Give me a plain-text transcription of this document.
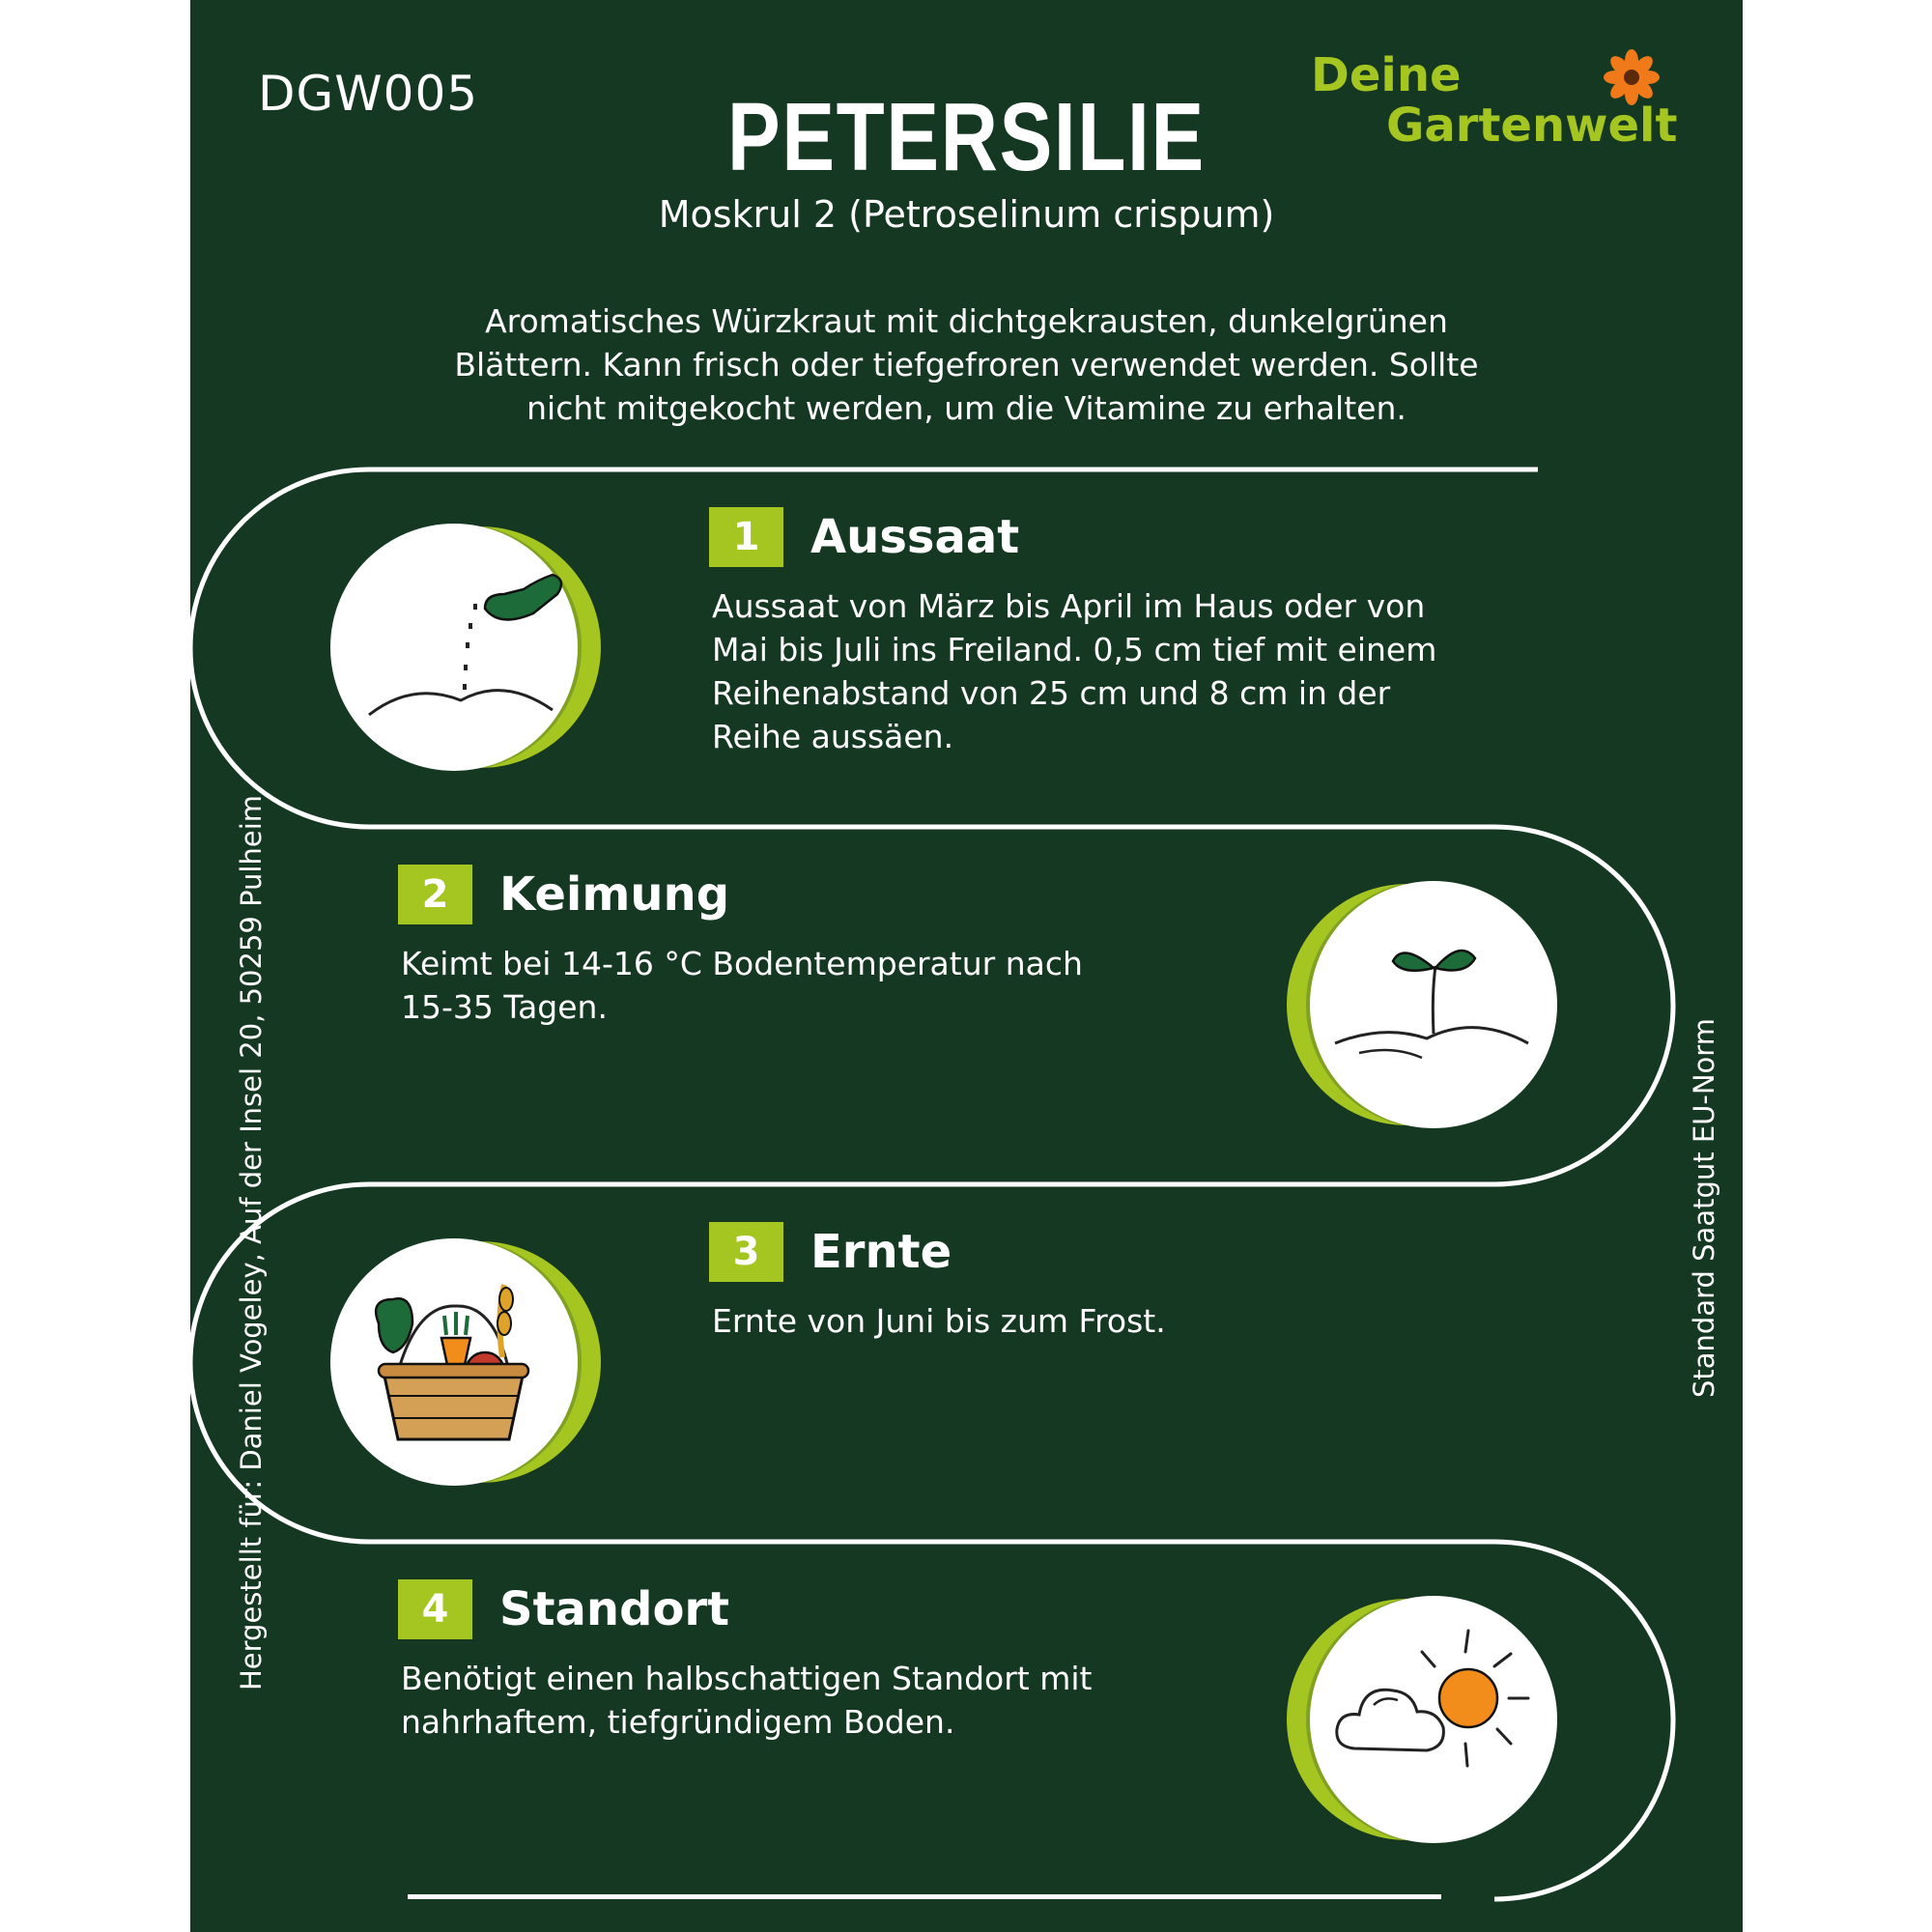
DGW005	PETERSILIE
Moskrul 2 (Petroselinum crispum)
Aromatisches Würzkraut mit dichtgekrausten, dunkelgrünen
Blättern. Kann frisch oder tiefgefroren verwendet werden. Sollte
nicht mitgekocht werden, um die Vitamine zu erhalten.
Deine
Gartenwelt
Hergestellt für: Daniel Vogeley, Auf der Insel 20, 50259 Pulheim	Standard Saatgut EU-Norm
1	Aussaat
Aussaat von März bis April im Haus oder von
Mai bis Juli ins Freiland. 0,5 cm tief mit einem
Reihenabstand von 25 cm und 8 cm in der
Reihe aussäen.
2	Keimung
Keimt bei 14-16 °C Bodentemperatur nach
15-35 Tagen.
3	Ernte
Ernte von Juni bis zum Frost.
4	Standort
Benötigt einen halbschattigen Standort mit
nahrhaftem, tiefgründigem Boden.
